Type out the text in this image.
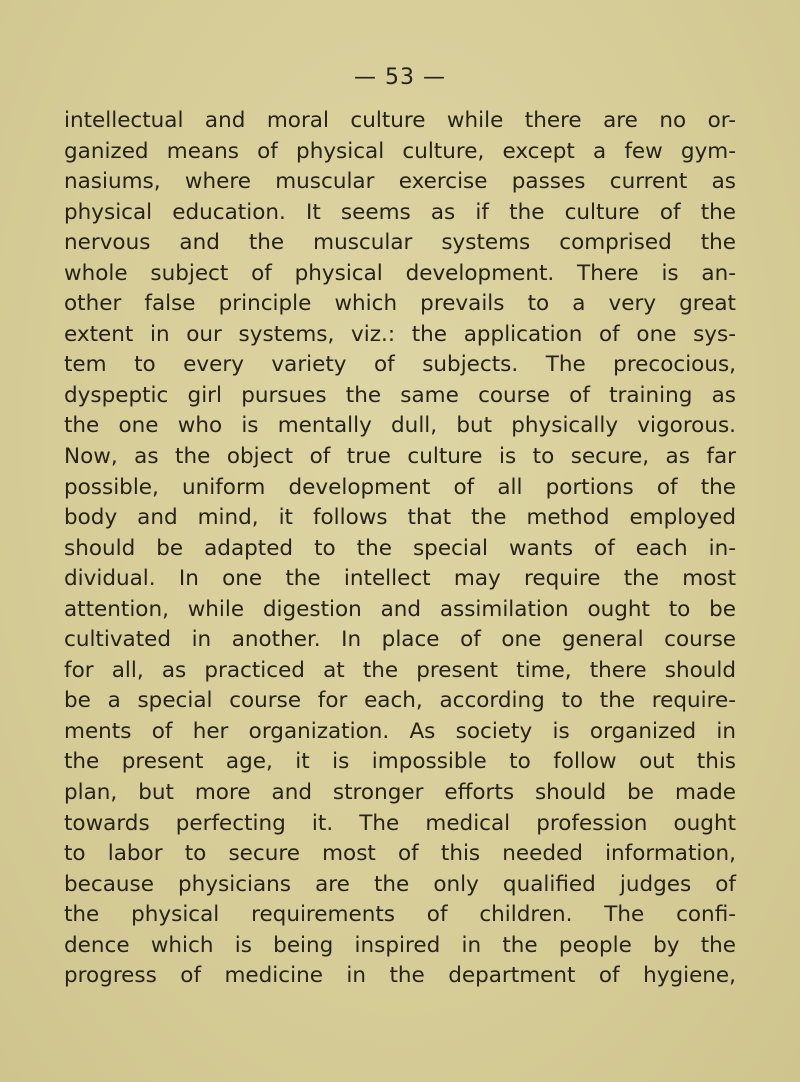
— 53 —
intellectual and moral culture while there are no or-
ganized means of physical culture, except a few gym-
nasiums, where muscular exercise passes current as
physical education. It seems as if the culture of the
nervous and the muscular systems comprised the
whole subject of physical development. There is an-
other false principle which prevails to a very great
extent in our systems, viz.: the application of one sys-
tem to every variety of subjects. The precocious,
dyspeptic girl pursues the same course of training as
the one who is mentally dull, but physically vigorous.
Now, as the object of true culture is to secure, as far
possible, uniform development of all portions of the
body and mind, it follows that the method employed
should be adapted to the special wants of each in-
dividual. In one the intellect may require the most
attention, while digestion and assimilation ought to be
cultivated in another. In place of one general course
for all, as practiced at the present time, there should
be a special course for each, according to the require-
ments of her organization. As society is organized in
the present age, it is impossible to follow out this
plan, but more and stronger efforts should be made
towards perfecting it. The medical profession ought
to labor to secure most of this needed information,
because physicians are the only qualified judges of
the physical requirements of children. The confi-
dence which is being inspired in the people by the
progress of medicine in the department of hygiene,
